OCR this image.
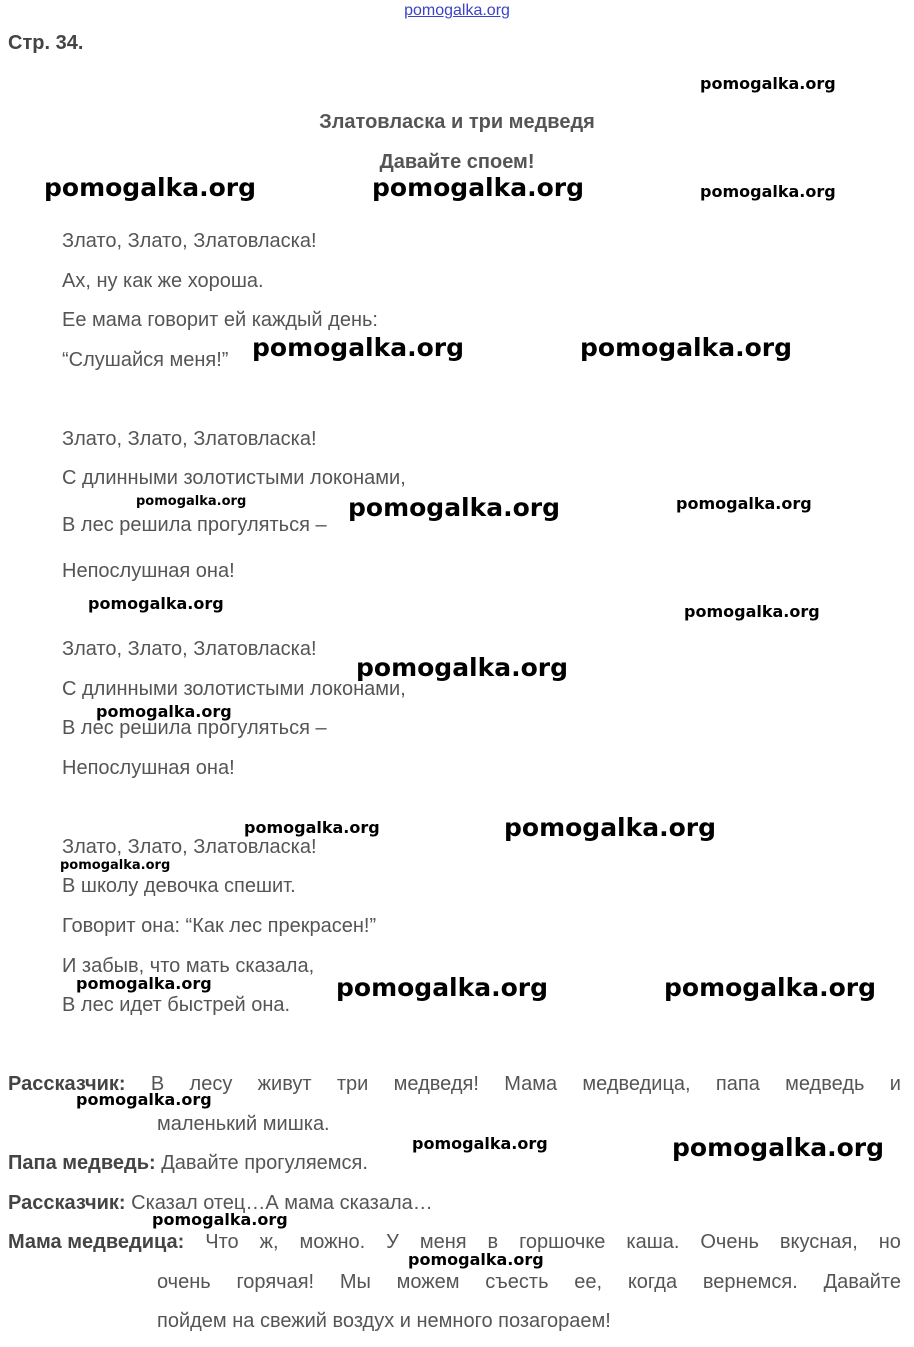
pomogalka.org
Стр. 34.
Златовласка и три медведя
Давайте споем!
Злато, Злато, Златовласка!
Ах, ну как же хороша.
Ее мама говорит ей каждый день:
“Слушайся меня!”
Злато, Злато, Златовласка!
С длинными золотистыми локонами,
В лес решила прогуляться –
Непослушная она!
Злато, Злато, Златовласка!
С длинными золотистыми локонами,
В лес решила прогуляться –
Непослушная она!
Злато, Злато, Златовласка!
В школу девочка спешит.
Говорит она: “Как лес прекрасен!”
И забыв, что мать сказала,
В лес идет быстрей она.
Рассказчик: В лесу живут три медведя! Мама медведица, папа медведь и
маленький мишка.
Папа медведь: Давайте прогуляемся.
Рассказчик: Сказал отец…А мама сказала…
Мама медведица: Что ж, можно. У меня в горшочке каша. Очень вкусная, но
очень горячая! Мы можем съесть ее, когда вернемся. Давайте
пойдем на свежий воздух и немного позагораем!
pomogalka.org
pomogalka.org	pomogalka.org	pomogalka.org
pomogalka.org	pomogalka.org
pomogalka.org	pomogalka.org	pomogalka.org
pomogalka.org	pomogalka.org
pomogalka.org
pomogalka.org
pomogalka.org	pomogalka.org
pomogalka.org
pomogalka.org	pomogalka.org	pomogalka.org
pomogalka.org
pomogalka.org	pomogalka.org
pomogalka.org
pomogalka.org
